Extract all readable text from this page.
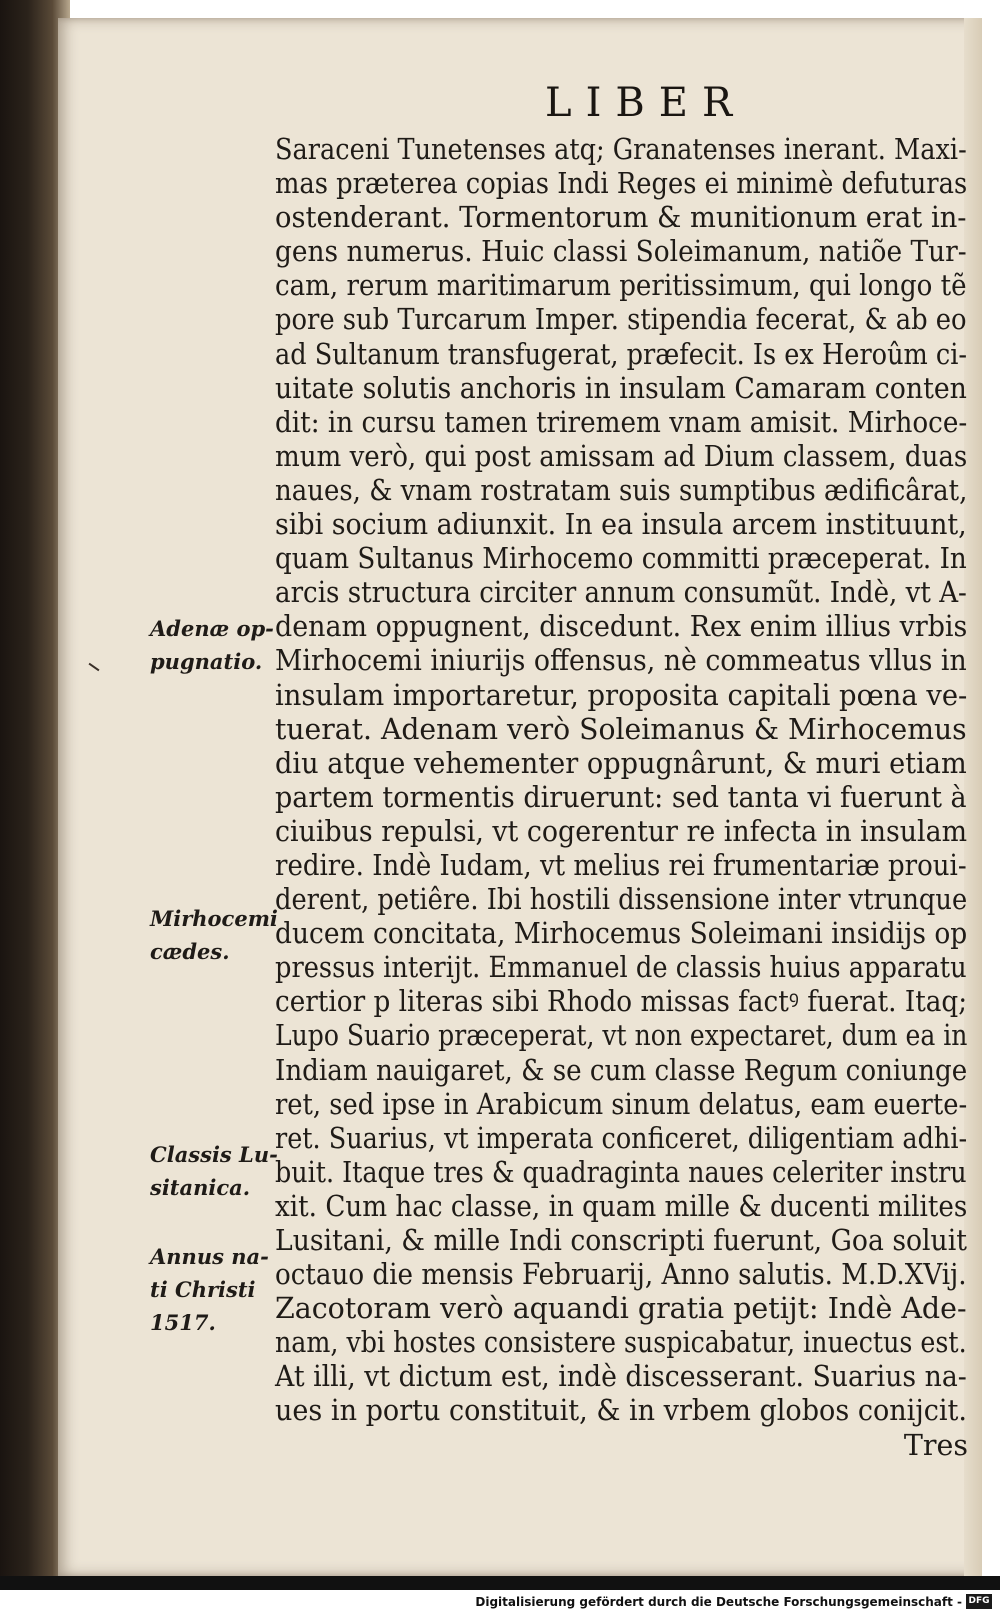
LIBER
Saraceni Tunetenses atq; Granatenses inerant. Maxi-
mas prætereа copias Indi Reges ei minimè defuturas
ostenderant. Tormentorum & munitionum erat in-
gens numerus. Huic classi Soleimanum, natiõe Tur-
cam, rerum maritimarum peritissimum, qui longo tẽ
pore sub Turcarum Imper. stipendia fecerat, & ab eo
ad Sultanum transfugerat, præfecit. Is ex Heroûm ci-
uitate solutis anchoris in insulam Camaram conten
dit: in cursu tamen triremem vnam amisit. Mirhoce-
mum verò, qui post amissam ad Dium classem, duas
naues, & vnam rostratam suis sumptibus ædificârat,
sibi socium adiunxit. In ea insula arcem instituunt,
quam Sultanus Mirhocemo committi præceperat. In
arcis structura circiter annum consumũt. Indè, vt A-
denam oppugnent, discedunt. Rex enim illius vrbis
Mirhocemi iniurijs offensus, nè commeatus vllus in
insulam importaretur, proposita capitali pœna ve-
tuerat. Adenam verò Soleimanus & Mirhocemus
diu atque vehementer oppugnârunt, & muri etiam
partem tormentis diruerunt: sed tanta vi fuerunt à
ciuibus repulsi, vt cogerentur re infecta in insulam
redire. Indè Iudam, vt melius rei frumentariæ proui-
derent, petiêre. Ibi hostili dissensione inter vtrunque
ducem concitata, Mirhocemus Soleimani insidijs op
pressus interijt. Emmanuel de classis huius apparatu
certior p literas sibi Rhodo missas factꝰ fuerat. Itaq;
Lupo Suario præceperat, vt non expectaret, dum ea in
Indiam nauigaret, & se cum classe Regum coniunge
ret, sed ipse in Arabicum sinum delatus, eam euerte-
ret. Suarius, vt imperata conficeret, diligentiam adhi-
buit. Itaque tres & quadraginta naues celeriter instru
xit. Cum hac classe, in quam mille & ducenti milites
Lusitani, & mille Indi conscripti fuerunt, Goa soluit
octauo die mensis Februarij, Anno salutis. M.D.XVij.
Zacotoram verò aquandi gratia petijt: Indè Ade-
nam, vbi hostes consistere suspicabatur, inuectus est.
At illi, vt dictum est, indè discesserant. Suarius na-
ues in portu constituit, & in vrbem globos conijcit.
Tres
Adenæ op-
pugnatio.
Mirhocemi
cædes.
Classis Lu-
sitanica.
Annus na-
ti Christi
1517.
Digitalisierung gefördert durch die Deutsche Forschungsgemeinschaft - DFG
